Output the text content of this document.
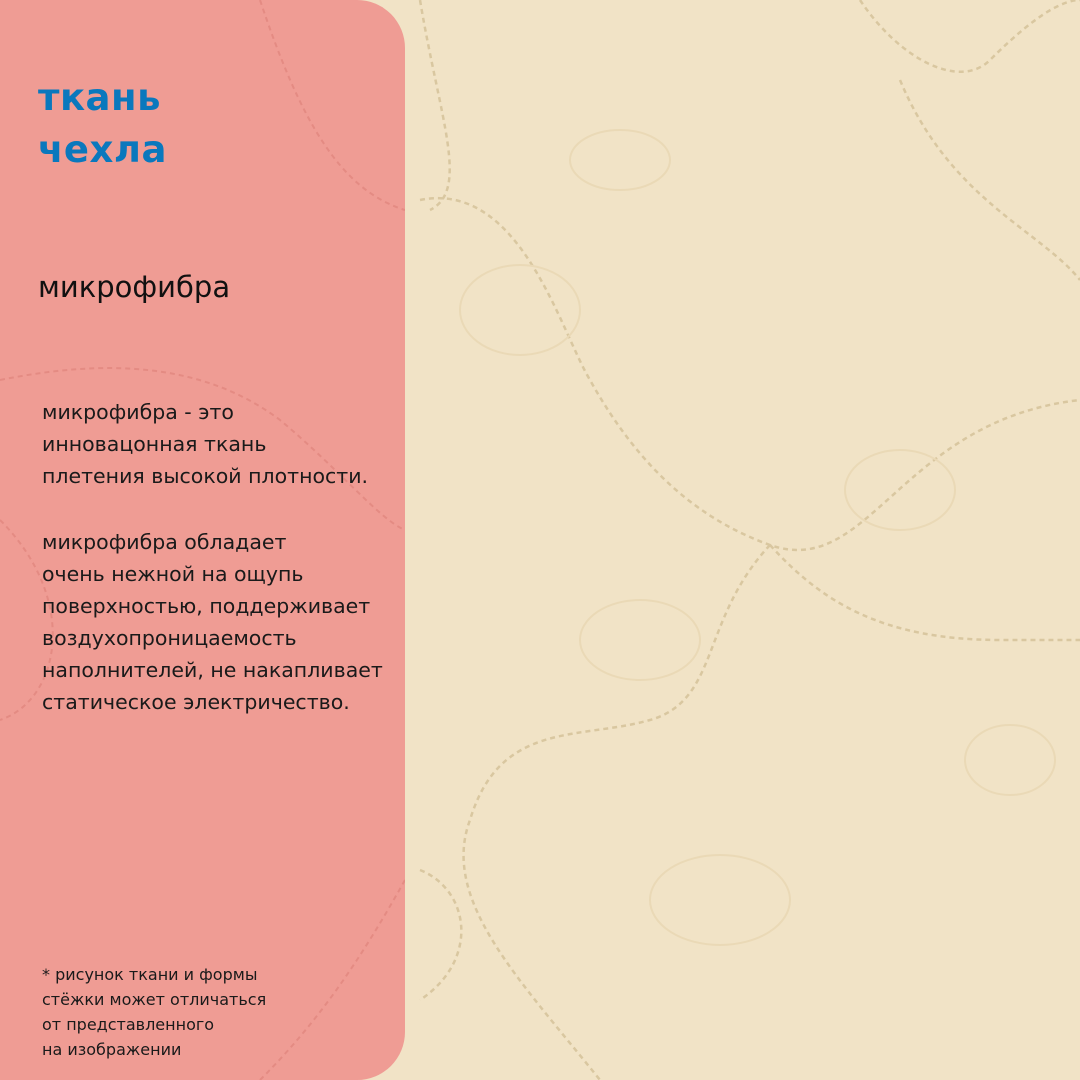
ткань
чехла
микрофибра
микрофибра - это
инновацонная ткань
плетения высокой плотности.
микрофибра обладает
очень нежной на ощупь
поверхностью, поддерживает
воздухопроницаемость
наполнителей, не накапливает
статическое электричество.
* рисунок ткани и формы
стёжки может отличаться
от представленного
на изображении
